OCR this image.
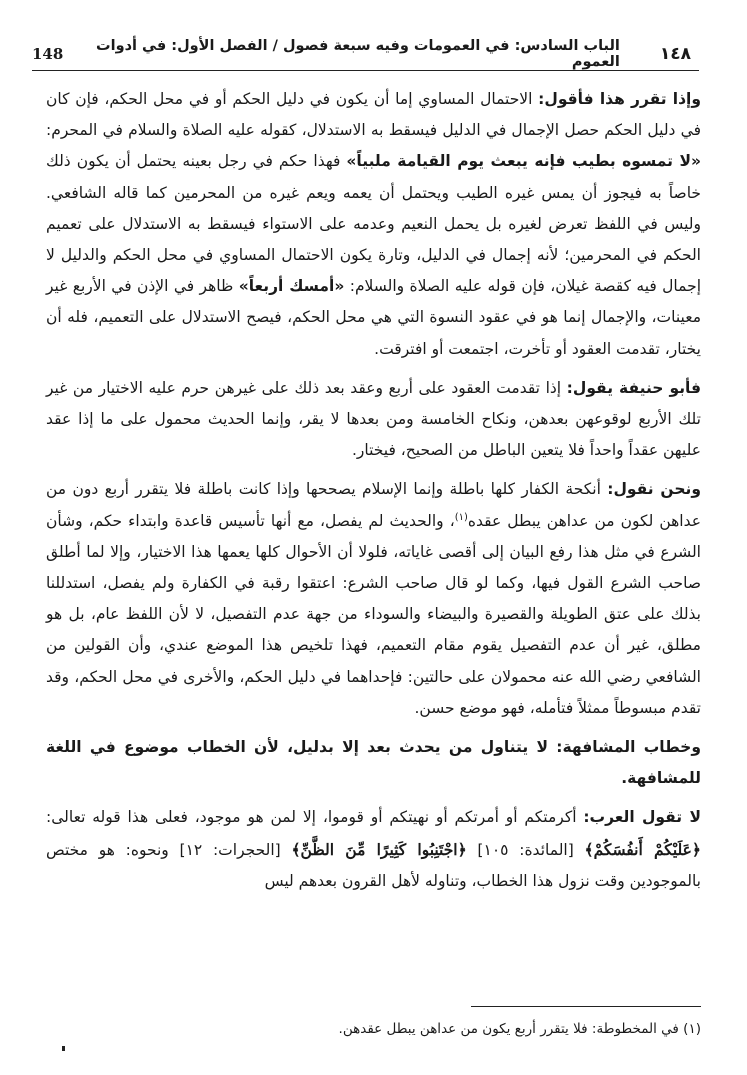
148	١٤٨
الباب السادس: في العمومات وفيه سبعة فصول / الفصل الأول: في أدوات العموم

وإذا تقرر هذا فأقول: الاحتمال المساوي إما أن يكون في دليل الحكم أو في محل الحكم، فإن كان في دليل الحكم حصل الإجمال في الدليل فيسقط به الاستدلال، كقوله عليه الصلاة والسلام في المحرم: «لا تمسوه بطيب فإنه يبعث يوم القيامة ملبياً» فهذا حكم في رجل بعينه يحتمل أن يكون ذلك خاصاً به فيجوز أن يمس غيره الطيب ويحتمل أن يعمه ويعم غيره من المحرمين كما قاله الشافعي. وليس في اللفظ تعرض لغيره بل يحمل النعيم وعدمه على الاستواء فيسقط به الاستدلال على تعميم الحكم في المحرمين؛ لأنه إجمال في الدليل، وتارة يكون الاحتمال المساوي في محل الحكم والدليل لا إجمال فيه كقصة غيلان، فإن قوله عليه الصلاة والسلام: «أمسك أربعاً» ظاهر في الإذن في الأربع غير معينات، والإجمال إنما هو في عقود النسوة التي هي محل الحكم، فيصح الاستدلال على التعميم، فله أن يختار، تقدمت العقود أو تأخرت، اجتمعت أو افترقت.

فأبو حنيفة يقول: إذا تقدمت العقود على أربع وعقد بعد ذلك على غيرهن حرم عليه الاختيار من غير تلك الأربع لوقوعهن بعدهن، ونكاح الخامسة ومن بعدها لا يقر، وإنما الحديث محمول على ما إذا عقد عليهن عقداً واحداً فلا يتعين الباطل من الصحيح، فيختار.

ونحن نقول: أنكحة الكفار كلها باطلة وإنما الإسلام يصححها وإذا كانت باطلة فلا يتقرر أربع دون من عداهن لكون من عداهن يبطل عقده$^{(١)}$، والحديث لم يفصل، مع أنها تأسيس قاعدة وابتداء حكم، وشأن الشرع في مثل هذا رفع البيان إلى أقصى غاياته، فلولا أن الأحوال كلها يعمها هذا الاختيار، وإلا لما أطلق صاحب الشرع القول فيها، وكما لو قال صاحب الشرع: اعتقوا رقبة في الكفارة ولم يفصل، استدللنا بذلك على عتق الطويلة والقصيرة والبيضاء والسوداء من جهة عدم التفصيل، لا لأن اللفظ عام، بل هو مطلق، غير أن عدم التفصيل يقوم مقام التعميم، فهذا تلخيص هذا الموضع عندي، وأن القولين من الشافعي رضي الله عنه محمولان على حالتين: فإحداهما في دليل الحكم، والأخرى في محل الحكم، وقد تقدم مبسوطاً ممثلاً فتأمله، فهو موضع حسن.

وخطاب المشافهة: لا يتناول من يحدث بعد إلا بدليل، لأن الخطاب موضوع في اللغة للمشافهة.

لا تقول العرب: أكرمتكم أو أمرتكم أو نهيتكم أو قوموا، إلا لمن هو موجود، فعلى هذا قوله تعالى: ﴿عَلَيْكُمْ أَنفُسَكُمْ﴾ [المائدة: ١٠٥] ﴿اجْتَنِبُوا كَثِيرًا مِّنَ الظَّنِّ﴾ [الحجرات: ١٢] ونحوه: هو مختص بالموجودين وقت نزول هذا الخطاب، وتناوله لأهل القرون بعدهم ليس

(١) في المخطوطة: فلا يتقرر أربع يكون من عداهن يبطل عقدهن.
